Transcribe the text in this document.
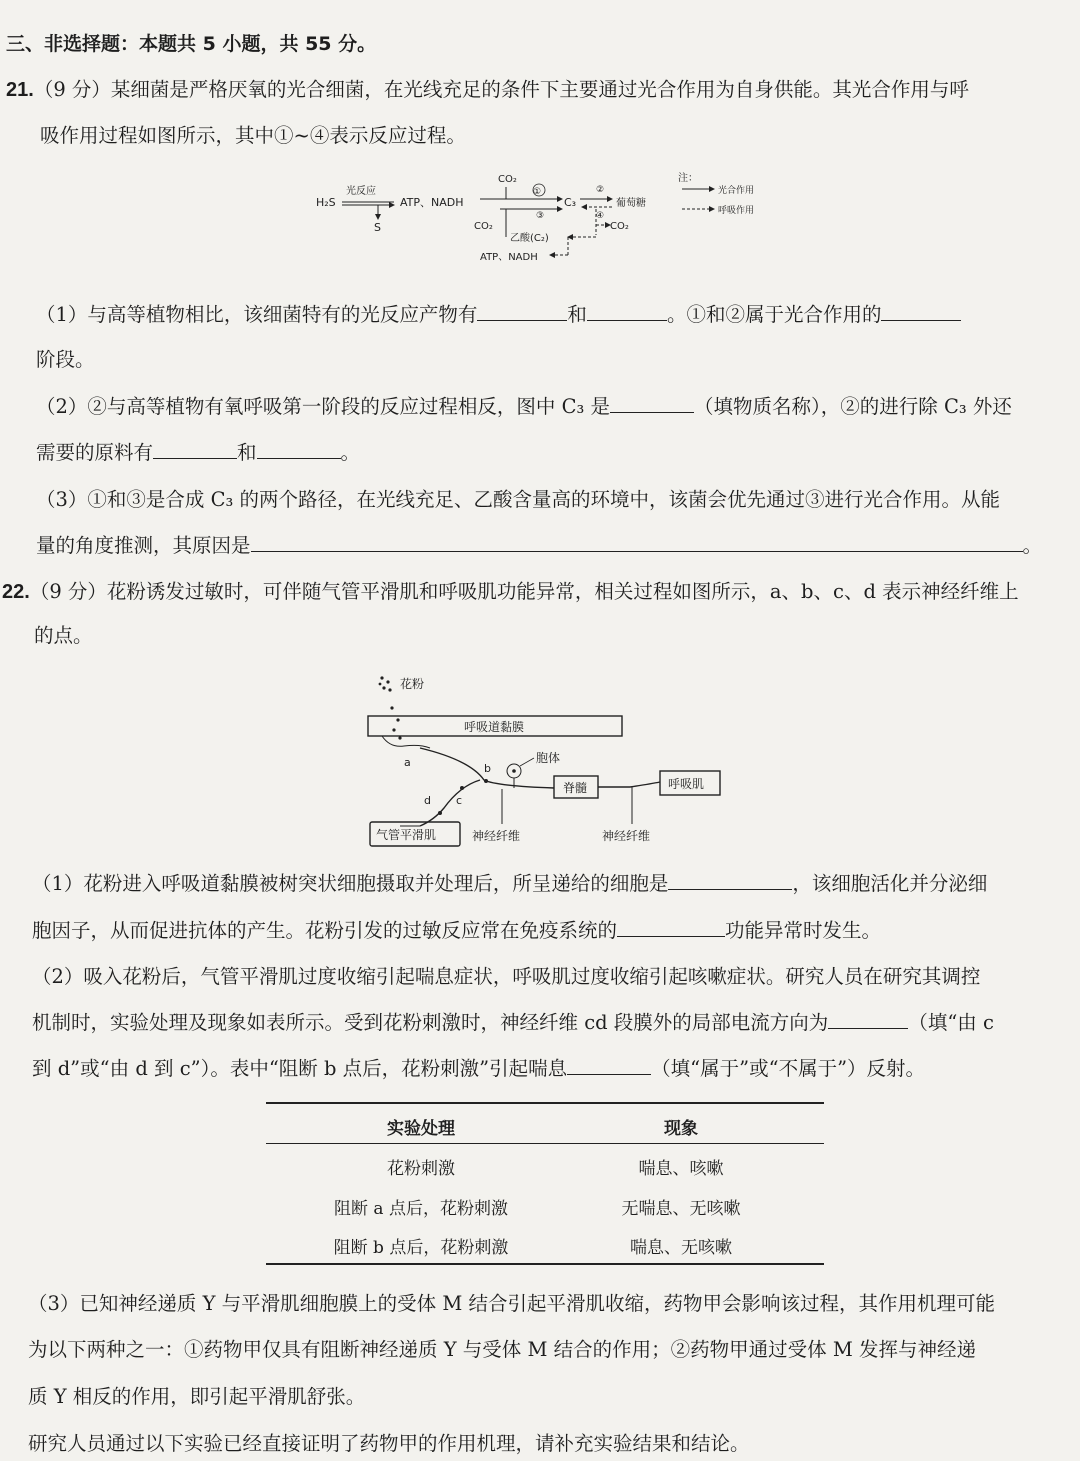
三、非选择题：本题共 5 小题，共 55 分。
21.（9 分）某细菌是严格厌氧的光合细菌，在光线充足的条件下主要通过光合作用为自身供能。其光合作用与呼
吸作用过程如图所示，其中①~④表示反应过程。
H₂S
光反应
S
ATP、NADH
CO₂
①
③
CO₂
C₃
②
④
葡萄糖
CO₂
乙酸(C₂)
ATP、NADH
注：
光合作用
呼吸作用
（1）与高等植物相比，该细菌特有的光反应产物有	和	。①和②属于光合作用的
阶段。
（2）②与高等植物有氧呼吸第一阶段的反应过程相反，图中 C₃ 是	（填物质名称），②的进行除 C₃ 外还
需要的原料有	和	。
（3）①和③是合成 C₃ 的两个路径，在光线充足、乙酸含量高的环境中，该菌会优先通过③进行光合作用。从能
量的角度推测，其原因是	。
22.（9 分）花粉诱发过敏时，可伴随气管平滑肌和呼吸肌功能异常，相关过程如图所示，a、b、c、d 表示神经纤维上
的点。
花粉
呼吸道黏膜
a	b
胞体
脊髓	呼吸肌
c
d
气管平滑肌	神经纤维	神经纤维
（1）花粉进入呼吸道黏膜被树突状细胞摄取并处理后，所呈递给的细胞是	，该细胞活化并分泌细
胞因子，从而促进抗体的产生。花粉引发的过敏反应常在免疫系统的	功能异常时发生。
（2）吸入花粉后，气管平滑肌过度收缩引起喘息症状，呼吸肌过度收缩引起咳嗽症状。研究人员在研究其调控
机制时，实验处理及现象如表所示。受到花粉刺激时，神经纤维 cd 段膜外的局部电流方向为	（填“由 c
到 d”或“由 d 到 c”）。表中“阻断 b 点后，花粉刺激”引起喘息	（填“属于”或“不属于”）反射。
实验处理	现象
花粉刺激	喘息、咳嗽
阻断 a 点后，花粉刺激	无喘息、无咳嗽
阻断 b 点后，花粉刺激	喘息、无咳嗽
（3）已知神经递质 Y 与平滑肌细胞膜上的受体 M 结合引起平滑肌收缩，药物甲会影响该过程，其作用机理可能
为以下两种之一：①药物甲仅具有阻断神经递质 Y 与受体 M 结合的作用；②药物甲通过受体 M 发挥与神经递
质 Y 相反的作用，即引起平滑肌舒张。
研究人员通过以下实验已经直接证明了药物甲的作用机理，请补充实验结果和结论。
